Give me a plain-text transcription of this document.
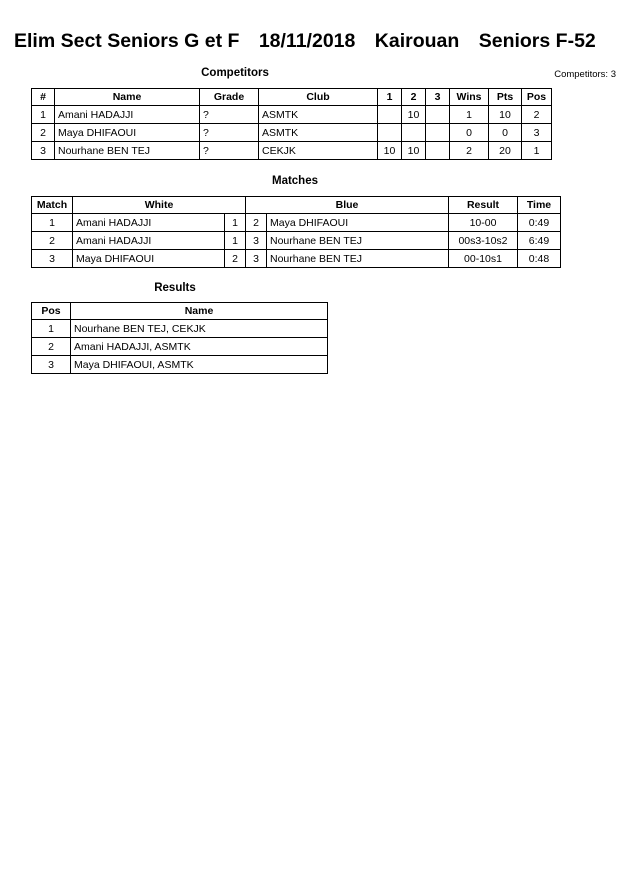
Elim Sect Seniors G et F 18/11/2018 Kairouan Seniors F-52
Competitors	Competitors: 3
#	Name	Grade	Club	1	2	3	Wins	Pts	Pos
1	Amani HADAJJI	?	ASMTK		10		1	10	2
2	Maya DHIFAOUI	?	ASMTK				0	0	3
3	Nourhane BEN TEJ	?	CEKJK	10	10		2	20	1
Matches
Match	White		Blue		Result	Time
1	Amani HADAJJI	1	2	Maya DHIFAOUI	10-00	0:49
2	Amani HADAJJI	1	3	Nourhane BEN TEJ	00s3-10s2	6:49
3	Maya DHIFAOUI	2	3	Nourhane BEN TEJ	00-10s1	0:48
Results
Pos	Name
1	Nourhane BEN TEJ, CEKJK
2	Amani HADAJJI, ASMTK
3	Maya DHIFAOUI, ASMTK
